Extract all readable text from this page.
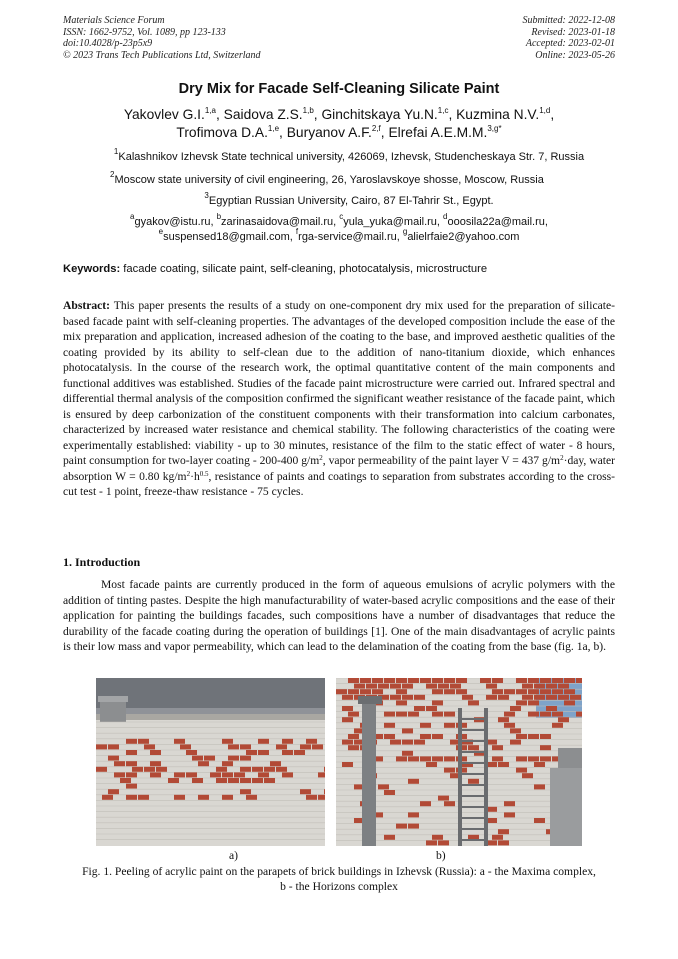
Materials Science Forum
ISSN: 1662-9752, Vol. 1089, pp 123-133
doi:10.4028/p-23p5x9
© 2023 Trans Tech Publications Ltd, Switzerland
Submitted: 2022-12-08
Revised: 2023-01-18
Accepted: 2023-02-01
Online: 2023-05-26
Dry Mix for Facade Self-Cleaning Silicate Paint
Yakovlev G.I.$^{1,a}$, Saidova Z.S.$^{1,b}$, Ginchitskaya Yu.N.$^{1,c}$, Kuzmina N.V.$^{1,d}$,
Trofimova D.A.$^{1,e}$, Buryanov A.F.$^{2,f}$, Elrefai A.E.M.M.$^{3,g*}$
$^1$Kalashnikov Izhevsk State technical university, 426069, Izhevsk, Studencheskaya Str. 7, Russia
$^2$Moscow state university of civil engineering, 26, Yaroslavskoye shosse, Moscow, Russia
$^3$Egyptian Russian University, Cairo, 87 El-Tahrir St., Egypt.
$^a$gyakov@istu.ru, $^b$zarinasaidova@mail.ru, $^c$yula_yuka@mail.ru, $^d$ooosila22a@mail.ru,
$^e$suspensed18@gmail.com, $^f$rga-service@mail.ru, $^g$alielrfaie2@yahoo.com
Keywords: facade coating, silicate paint, self-cleaning, photocatalysis, microstructure
Abstract: This paper presents the results of a study on one-component dry mix used for the preparation of silicate-based facade paint with self-cleaning properties. The advantages of the developed composition include the ease of the mix preparation and application, increased adhesion of the coating to the base, and improved aesthetic qualities of the coating provided by its ability to self-clean due to the addition of nano-titanium dioxide, which enhances photocatalysis. In the course of the research work, the optimal quantitative content of the main components and functional additives was established. Studies of the facade paint microstructure were carried out. Infrared spectral and differential thermal analysis of the composition confirmed the significant weather resistance of the facade paint, which is ensured by deep carbonization of the constituent components with their transformation into calcium carbonates, characterized by increased water resistance and chemical stability. The following characteristics of the coating were experimentally established: viability - up to 30 minutes, resistance of the film to the static effect of water - 8 hours, paint consumption for two-layer coating - 200-400 $g/m^2$, vapor permeability of the paint layer V = 437 $g/m^2\cdot day$, water absorption W = 0.80 $kg/m^2\cdot h^{0.5}$, resistance of paints and coatings to separation from substrates according to the cross-cut test - 1 point, freeze-thaw resistance - 75 cycles.
1. Introduction
Most facade paints are currently produced in the form of aqueous emulsions of acrylic polymers with the addition of tinting pastes. Despite the high manufacturability of water-based acrylic compositions and the ease of their application for painting the buildings facades, such compositions have a number of disadvantages that reduce the durability of the facade coating during the operation of buildings [1]. One of the main disadvantages of acrylic paints is their low mass and vapor permeability, which can lead to the delamination of the coating from the base (fig. 1a, b).
a)	b)
Fig. 1. Peeling of acrylic paint on the parapets of brick buildings in Izhevsk (Russia): a - the Maxima complex, b - the Horizons complex
